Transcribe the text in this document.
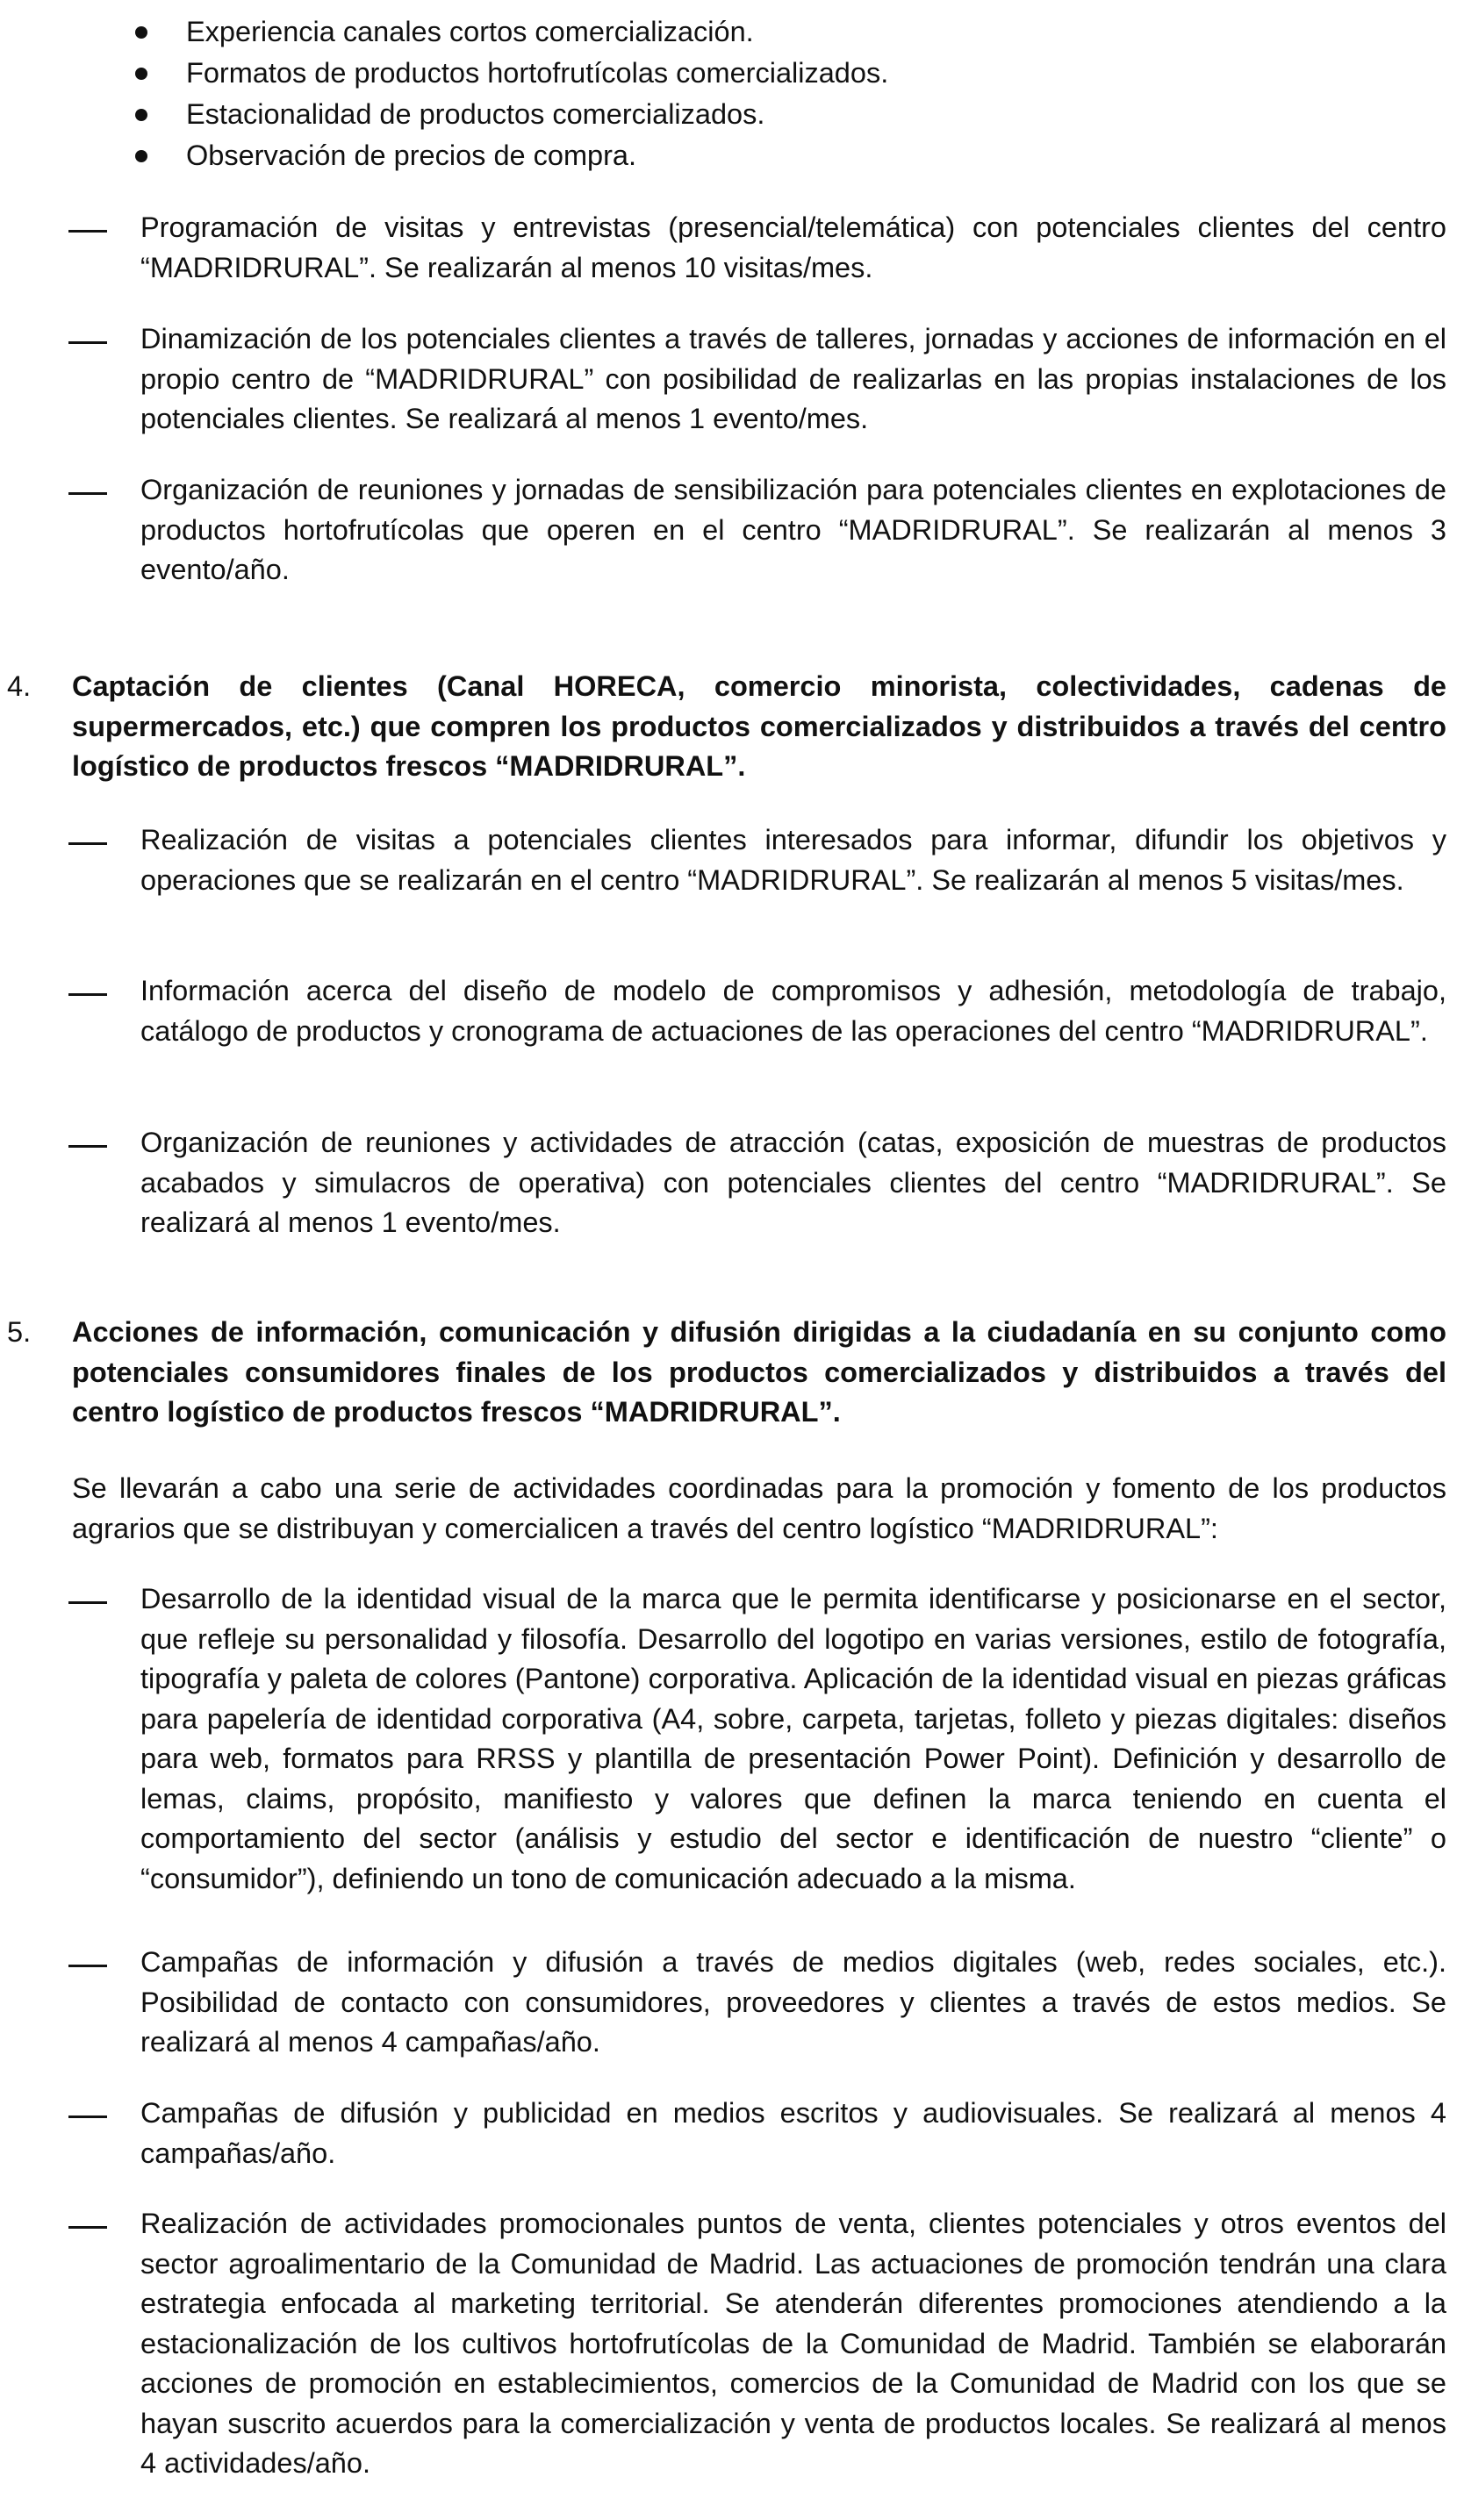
Experiencia canales cortos comercialización.

Formatos de productos hortofrutícolas comercializados.

Estacionalidad de productos comercializados.

Observación de precios de compra.

Programación de visitas y entrevistas (presencial/telemática) con potenciales clientes del centro “MADRIDRURAL”. Se realizarán al menos 10 visitas/mes.

Dinamización de los potenciales clientes a través de talleres, jornadas y acciones de información en el propio centro de “MADRIDRURAL” con posibilidad de realizarlas en las propias instalaciones de los potenciales clientes. Se realizará al menos 1 evento/mes.

Organización de reuniones y jornadas de sensibilización para potenciales clientes en explotaciones de productos hortofrutícolas que operen en el centro “MADRIDRURAL”. Se realizarán al menos 3 evento/año.

4. Captación de clientes (Canal HORECA, comercio minorista, colectividades, cadenas de supermercados, etc.) que compren los productos comercializados y distribuidos a través del centro logístico de productos frescos “MADRIDRURAL”.

Realización de visitas a potenciales clientes interesados para informar, difundir los objetivos y operaciones que se realizarán en el centro “MADRIDRURAL”. Se realizarán al menos 5 visitas/mes.

Información acerca del diseño de modelo de compromisos y adhesión, metodología de trabajo, catálogo de productos y cronograma de actuaciones de las operaciones del centro “MADRIDRURAL”.

Organización de reuniones y actividades de atracción (catas, exposición de muestras de productos acabados y simulacros de operativa) con potenciales clientes del centro “MADRIDRURAL”. Se realizará al menos 1 evento/mes.

5. Acciones de información, comunicación y difusión dirigidas a la ciudadanía en su conjunto como potenciales consumidores finales de los productos comercializados y distribuidos a través del centro logístico de productos frescos “MADRIDRURAL”.

Se llevarán a cabo una serie de actividades coordinadas para la promoción y fomento de los productos agrarios que se distribuyan y comercialicen a través del centro logístico “MADRIDRURAL”:

Desarrollo de la identidad visual de la marca que le permita identificarse y posicionarse en el sector, que refleje su personalidad y filosofía. Desarrollo del logotipo en varias versiones, estilo de fotografía, tipografía y paleta de colores (Pantone) corporativa. Aplicación de la identidad visual en piezas gráficas para papelería de identidad corporativa (A4, sobre, carpeta, tarjetas, folleto y piezas digitales: diseños para web, formatos para RRSS y plantilla de presentación Power Point). Definición y desarrollo de lemas, claims, propósito, manifiesto y valores que definen la marca teniendo en cuenta el comportamiento del sector (análisis y estudio del sector e identificación de nuestro “cliente” o “consumidor”), definiendo un tono de comunicación adecuado a la misma.

Campañas de información y difusión a través de medios digitales (web, redes sociales, etc.). Posibilidad de contacto con consumidores, proveedores y clientes a través de estos medios. Se realizará al menos 4 campañas/año.

Campañas de difusión y publicidad en medios escritos y audiovisuales. Se realizará al menos 4 campañas/año.

Realización de actividades promocionales puntos de venta, clientes potenciales y otros eventos del sector agroalimentario de la Comunidad de Madrid. Las actuaciones de promoción tendrán una clara estrategia enfocada al marketing territorial. Se atenderán diferentes promociones atendiendo a la estacionalización de los cultivos hortofrutícolas de la Comunidad de Madrid. También se elaborarán acciones de promoción en establecimientos, comercios de la Comunidad de Madrid con los que se hayan suscrito acuerdos para la comercialización y venta de productos locales. Se realizará al menos 4 actividades/año.
